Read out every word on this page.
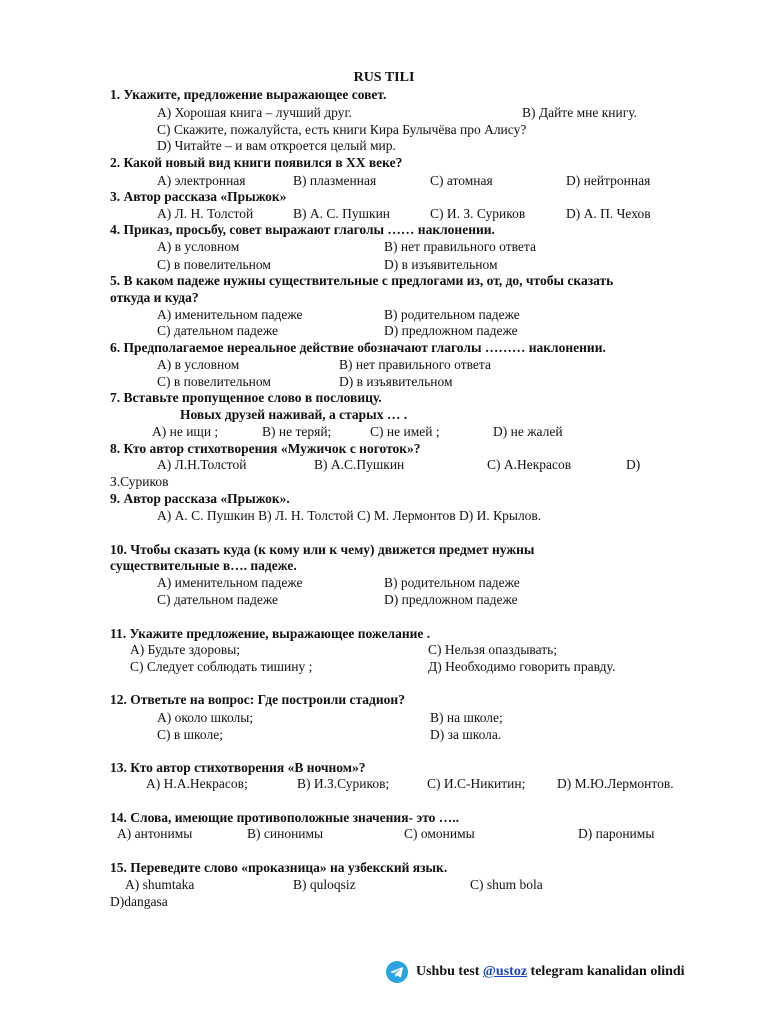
RUS TILI
1. Укажите, предложение выражающее совет.
А) Хорошая книга – лучший друг.	В) Дайте мне книгу.
С) Скажите, пожалуйста, есть книги Кира Булычёва про Алису?
D) Читайте – и вам откроется целый мир.
2. Какой новый вид книги появился в XX веке?
А) электронная	В) плазменная	С) атомная	D) нейтронная
3. Автор рассказа «Прыжок»
А) Л. Н. Толстой	В) А. С. Пушкин	С) И. З. Суриков	D) А. П. Чехов
4. Приказ, просьбу, совет выражают глаголы …… наклонении.
А) в условном	В) нет правильного ответа
С) в повелительном	D) в изъявительном
5. В каком падеже нужны существительные с предлогами из, от, до, чтобы сказать
откуда и куда?
А) именительном падеже	В) родительном падеже
С) дательном падеже	D) предложном падеже
6. Предполагаемое нереальное действие обозначают глаголы ……… наклонении.
А) в условном	В) нет правильного ответа
С) в повелительном	D) в изъявительном
7. Вставьте пропущенное слово в пословицу.
Новых друзей наживай, а старых … .
А) не ищи ;	В) не теряй;	С) не имей ;	D) не жалей
8. Кто автор стихотворения «Мужичок с ноготок»?
А) Л.Н.Толстой	В) А.С.Пушкин	С) А.Некрасов	D)
З.Суриков
9. Автор рассказа «Прыжок».
А) А. С. Пушкин В) Л. Н. Толстой С) М. Лермонтов D) И. Крылов.
10. Чтобы сказать куда (к кому или к чему) движется предмет нужны
существительные в…. падеже.
А) именительном падеже	В) родительном падеже
С) дательном падеже	D) предложном падеже
11. Укажите предложение, выражающее пожелание .
А) Будьте здоровы;	С) Нельзя опаздывать;
С) Следует соблюдать тишину ;	Д) Необходимо говорить правду.
12. Ответьте на вопрос: Где построили стадион?
А) около школы;	В) на школе;
С) в школе;	D) за школа.
13. Кто автор стихотворения «В ночном»?
А) Н.А.Некрасов;	В) И.З.Суриков;	С) И.С-Никитин; D) М.Ю.Лермонтов.
14. Слова, имеющие противоположные значения- это …..
А) антонимы	В) синонимы	С) омонимы	D) паронимы
15. Переведите слово «проказница» на узбекский язык.
A) shumtaka	B) quloqsiz	C) shum bola
D)dangasa
Ushbu test @ustoz telegram kanalidan olindi
